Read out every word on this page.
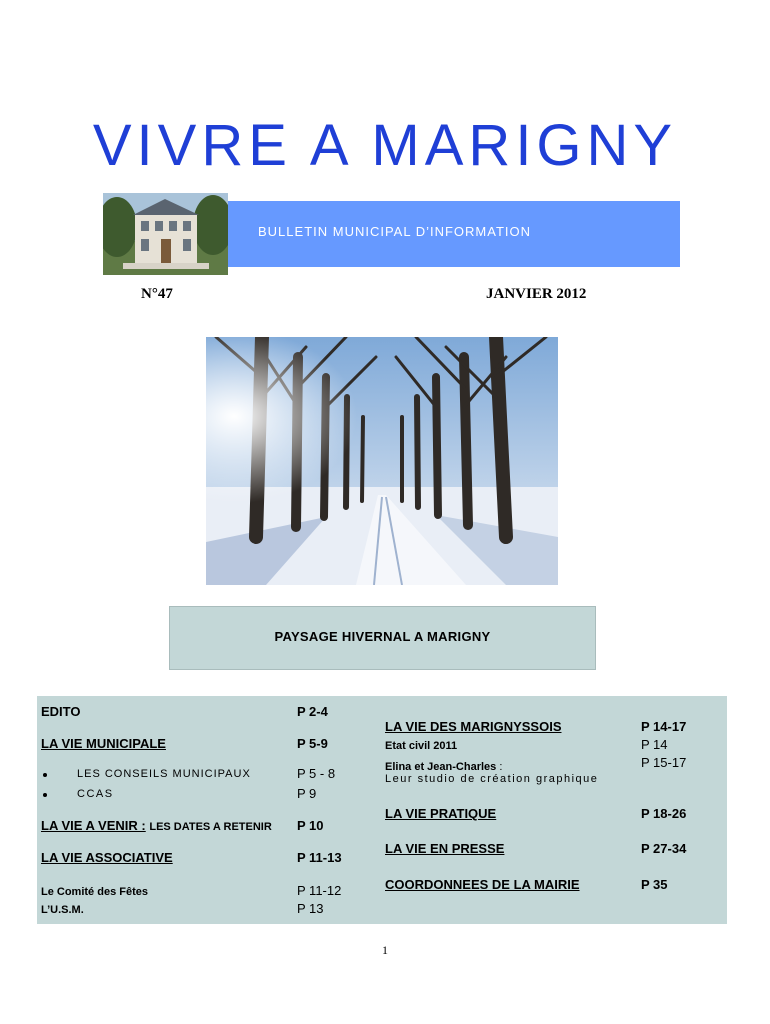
VIVRE A MARIGNY
BULLETIN MUNICIPAL D’INFORMATION
N°47	JANVIER 2012
PAYSAGE HIVERNAL A MARIGNY
EDITO	P 2-4
LA VIE MUNICIPALE	P 5-9
LES CONSEILS MUNICIPAUX	P 5 - 8
CCAS	P 9
LA VIE A VENIR : LES DATES A RETENIR P 10
LA VIE ASSOCIATIVE	P 11-13
Le Comité des Fêtes	P 11-12
L’U.S.M.	P 13
LA VIE DES MARIGNYSSOIS	P 14-17
Etat civil 2011	P 14
Elina et Jean-Charles :	P 15-17
Leur studio de création graphique
LA VIE PRATIQUE	P 18-26
LA VIE EN PRESSE	P 27-34
COORDONNEES DE LA MAIRIE	P 35
1
